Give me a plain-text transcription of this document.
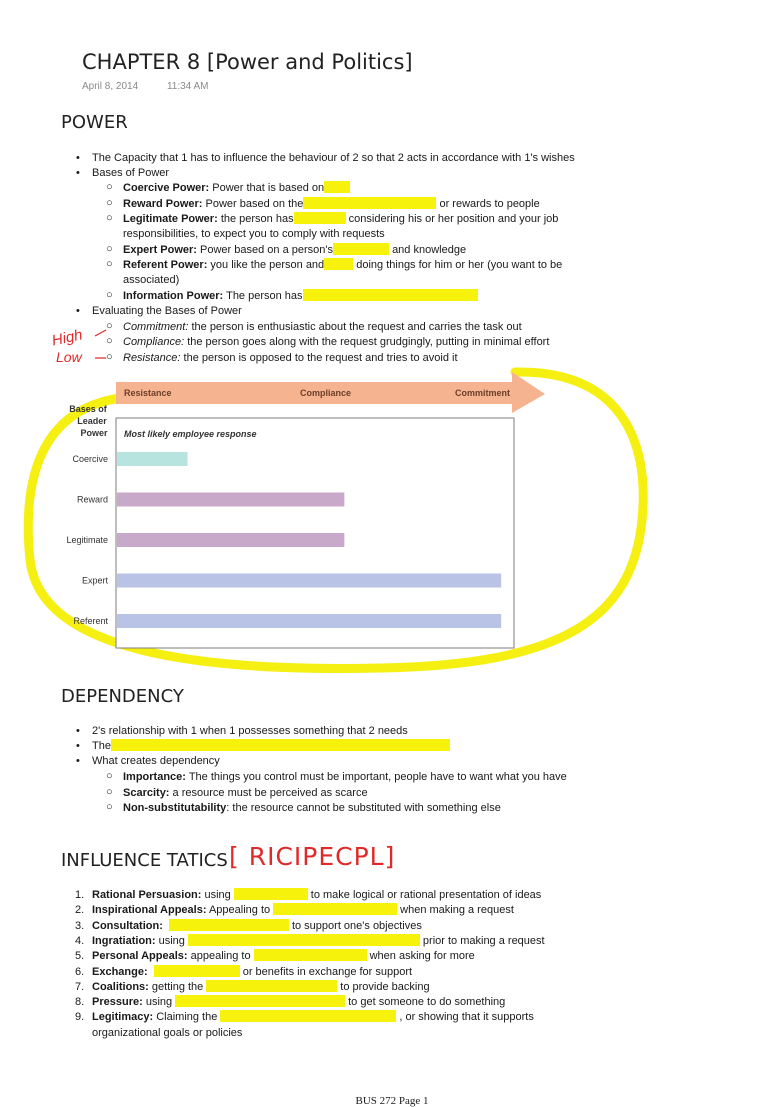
CHAPTER 8 [Power and Politics]
April 8, 2014	11:34 AM
POWER
• The Capacity that 1 has to influence the behaviour of 2 so that 2 acts in accordance with 1's wishes
• Bases of Power
○ Coercive Power: Power that is based on
○ Reward Power: Power based on the	or rewards to people
○ Legitimate Power: the person has	considering his or her position and your job
responsibilities, to expect you to comply with requests
○ Expert Power: Power based on a person's	and knowledge
○ Referent Power: you like the person and	doing things for him or her (you want to be
associated)
○ Information Power: The person has
• Evaluating the Bases of Power
○ Commitment: the person is enthusiastic about the request and carries the task out
○ Compliance: the person goes along with the request grudgingly, putting in minimal effort
○ Resistance: the person is opposed to the request and tries to avoid it
High
Low
Resistance	Compliance	Commitment
Bases of
Leader
Power Most likely employee response
Coercive
Reward
Legitimate
Expert
Referent
DEPENDENCY
• 2's relationship with 1 when 1 possesses something that 2 needs
• The
• What creates dependency
○ Importance: The things you control must be important, people have to want what you have
○ Scarcity: a resource must be perceived as scarce
○ Non-substitutability: the resource cannot be substituted with something else
INFLUENCE TATICS [ RICIPECPL]
1. Rational Persuasion: using	to make logical or rational presentation of ideas
2. Inspirational Appeals: Appealing to	when making a request
3. Consultation:	to support one's objectives
4. Ingratiation: using	prior to making a request
5. Personal Appeals: appealing to	when asking for more
6. Exchange:	or benefits in exchange for support
7. Coalitions: getting the	to provide backing
8. Pressure: using	to get someone to do something
9. Legitimacy: Claiming the	, or showing that it supports
organizational goals or policies
BUS 272 Page 1
